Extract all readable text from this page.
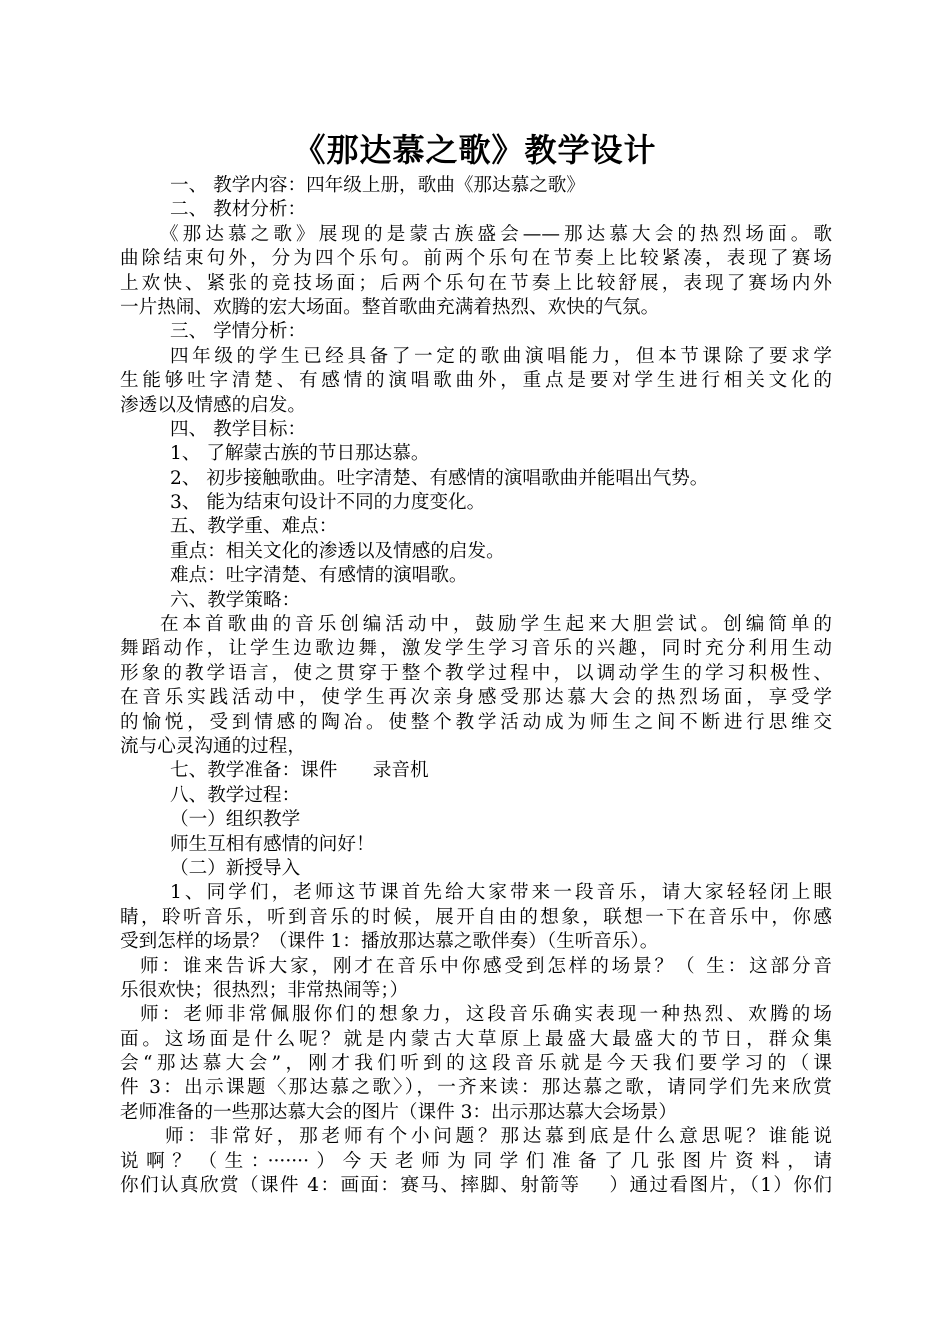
《那达慕之歌》教学设计
一、 教学内容：四年级上册，歌曲《那达慕之歌》
二、 教材分析：
《那达慕之歌》展现的是蒙古族盛会——那达慕大会的热烈场面。歌
曲除结束句外，分为四个乐句。前两个乐句在节奏上比较紧凑，表现了赛场
上欢快、紧张的竞技场面；后两个乐句在节奏上比较舒展，表现了赛场内外
一片热闹、欢腾的宏大场面。整首歌曲充满着热烈、欢快的气氛。
三、 学情分析：
四年级的学生已经具备了一定的歌曲演唱能力，但本节课除了要求学
生能够吐字清楚、有感情的演唱歌曲外，重点是要对学生进行相关文化的
渗透以及情感的启发。
四、 教学目标：
1、 了解蒙古族的节日那达慕。
2、 初步接触歌曲。吐字清楚、有感情的演唱歌曲并能唱出气势。
3、 能为结束句设计不同的力度变化。
五、教学重、难点：
重点：相关文化的渗透以及情感的启发。
难点：吐字清楚、有感情的演唱歌。
六、教学策略：
在本首歌曲的音乐创编活动中，鼓励学生起来大胆尝试。创编简单的
舞蹈动作，让学生边歌边舞，激发学生学习音乐的兴趣，同时充分利用生动
形象的教学语言，使之贯穿于整个教学过程中，以调动学生的学习积极性、
在音乐实践活动中，使学生再次亲身感受那达慕大会的热烈场面，享受学
的愉悦，受到情感的陶冶。使整个教学活动成为师生之间不断进行思维交
流与心灵沟通的过程，
七、教学准备：课件      录音机
八、教学过程：
（一）组织教学
师生互相有感情的问好！
（二）新授导入
1、同学们，老师这节课首先给大家带来一段音乐，请大家轻轻闭上眼
睛，聆听音乐，听到音乐的时候，展开自由的想象，联想一下在音乐中，你感
受到怎样的场景？（课件 1：播放那达慕之歌伴奏）（生听音乐）。
师：谁来告诉大家，刚才在音乐中你感受到怎样的场景？（ 生：这部分音
乐很欢快；很热烈；非常热闹等；）
师：老师非常佩服你们的想象力，这段音乐确实表现一种热烈、欢腾的场
面。这场面是什么呢？就是内蒙古大草原上最盛大最盛大的节日，群众集
会“那达慕大会”，刚才我们听到的这段音乐就是今天我们要学习的（课
件 3：出示课题〈那达慕之歌〉），一齐来读：那达慕之歌，请同学们先来欣赏
老师准备的一些那达慕大会的图片（课件 3：出示那达慕大会场景）
师：非常好，那老师有个小问题？那达慕到底是什么意思呢？谁能说
说啊？（生：·······）今天老师为同学们准备了几张图片资料，请
你们认真欣赏（课件 4：画面：赛马、摔脚、射箭等    ）通过看图片，（1）你们
